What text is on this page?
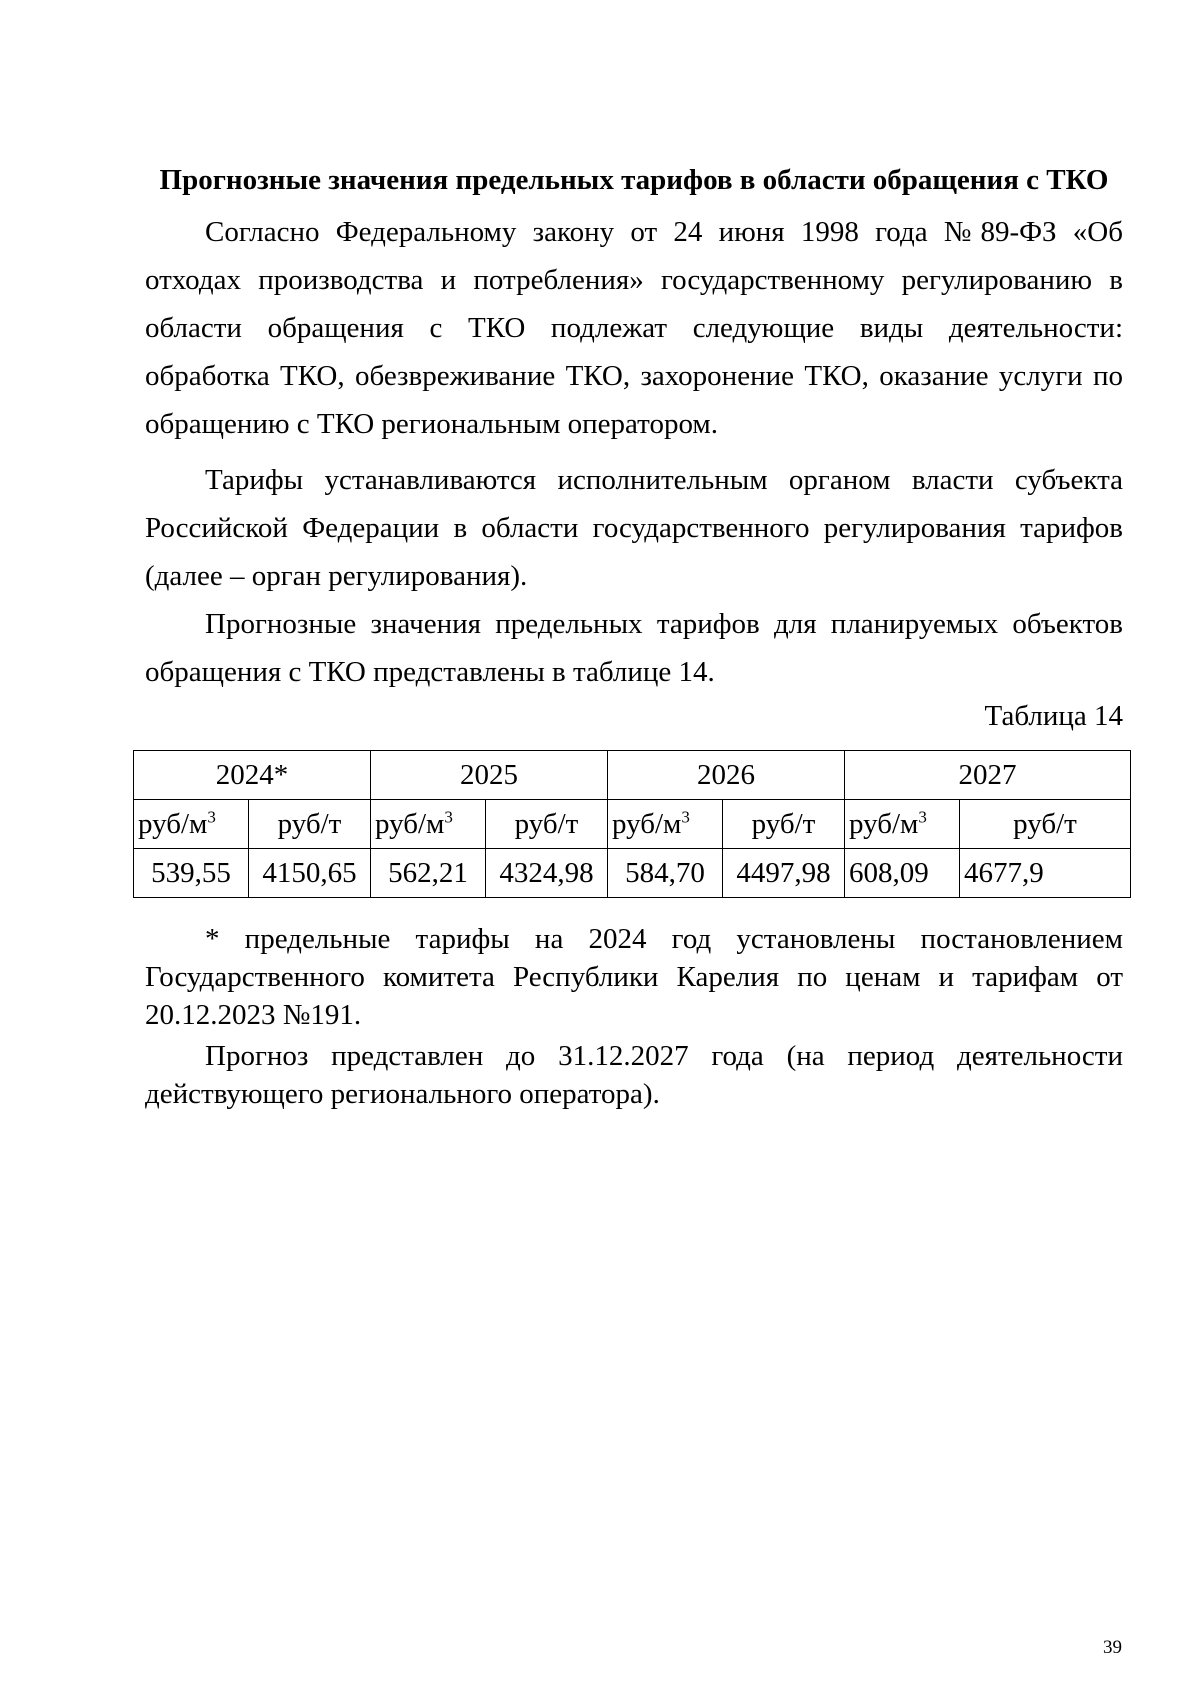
Прогнозные значения предельных тарифов в области обращения с ТКО
Согласно Федеральному закону от 24 июня 1998 года №89-ФЗ «Об отходах производства и потребления» государственному регулированию в области обращения с ТКО подлежат следующие виды деятельности: обработка ТКО, обезвреживание ТКО, захоронение ТКО, оказание услуги по обращению с ТКО региональным оператором.
Тарифы устанавливаются исполнительным органом власти субъекта Российской Федерации в области государственного регулирования тарифов (далее – орган регулирования).
Прогнозные значения предельных тарифов для планируемых объектов обращения с ТКО представлены в таблице 14.
Таблица 14
2024*		2025		2026		2027	
руб/$м^3$	руб/т	руб/$м^3$	руб/т	руб/$м^3$	руб/т	руб/$м^3$	руб/т
539,55	4150,65	562,21	4324,98	584,70	4497,98	608,09	4677,9
* предельные тарифы на 2024 год установлены постановлением Государственного комитета Республики Карелия по ценам и тарифам от 20.12.2023 №191.
Прогноз представлен до 31.12.2027 года (на период деятельности действующего регионального оператора).
39
